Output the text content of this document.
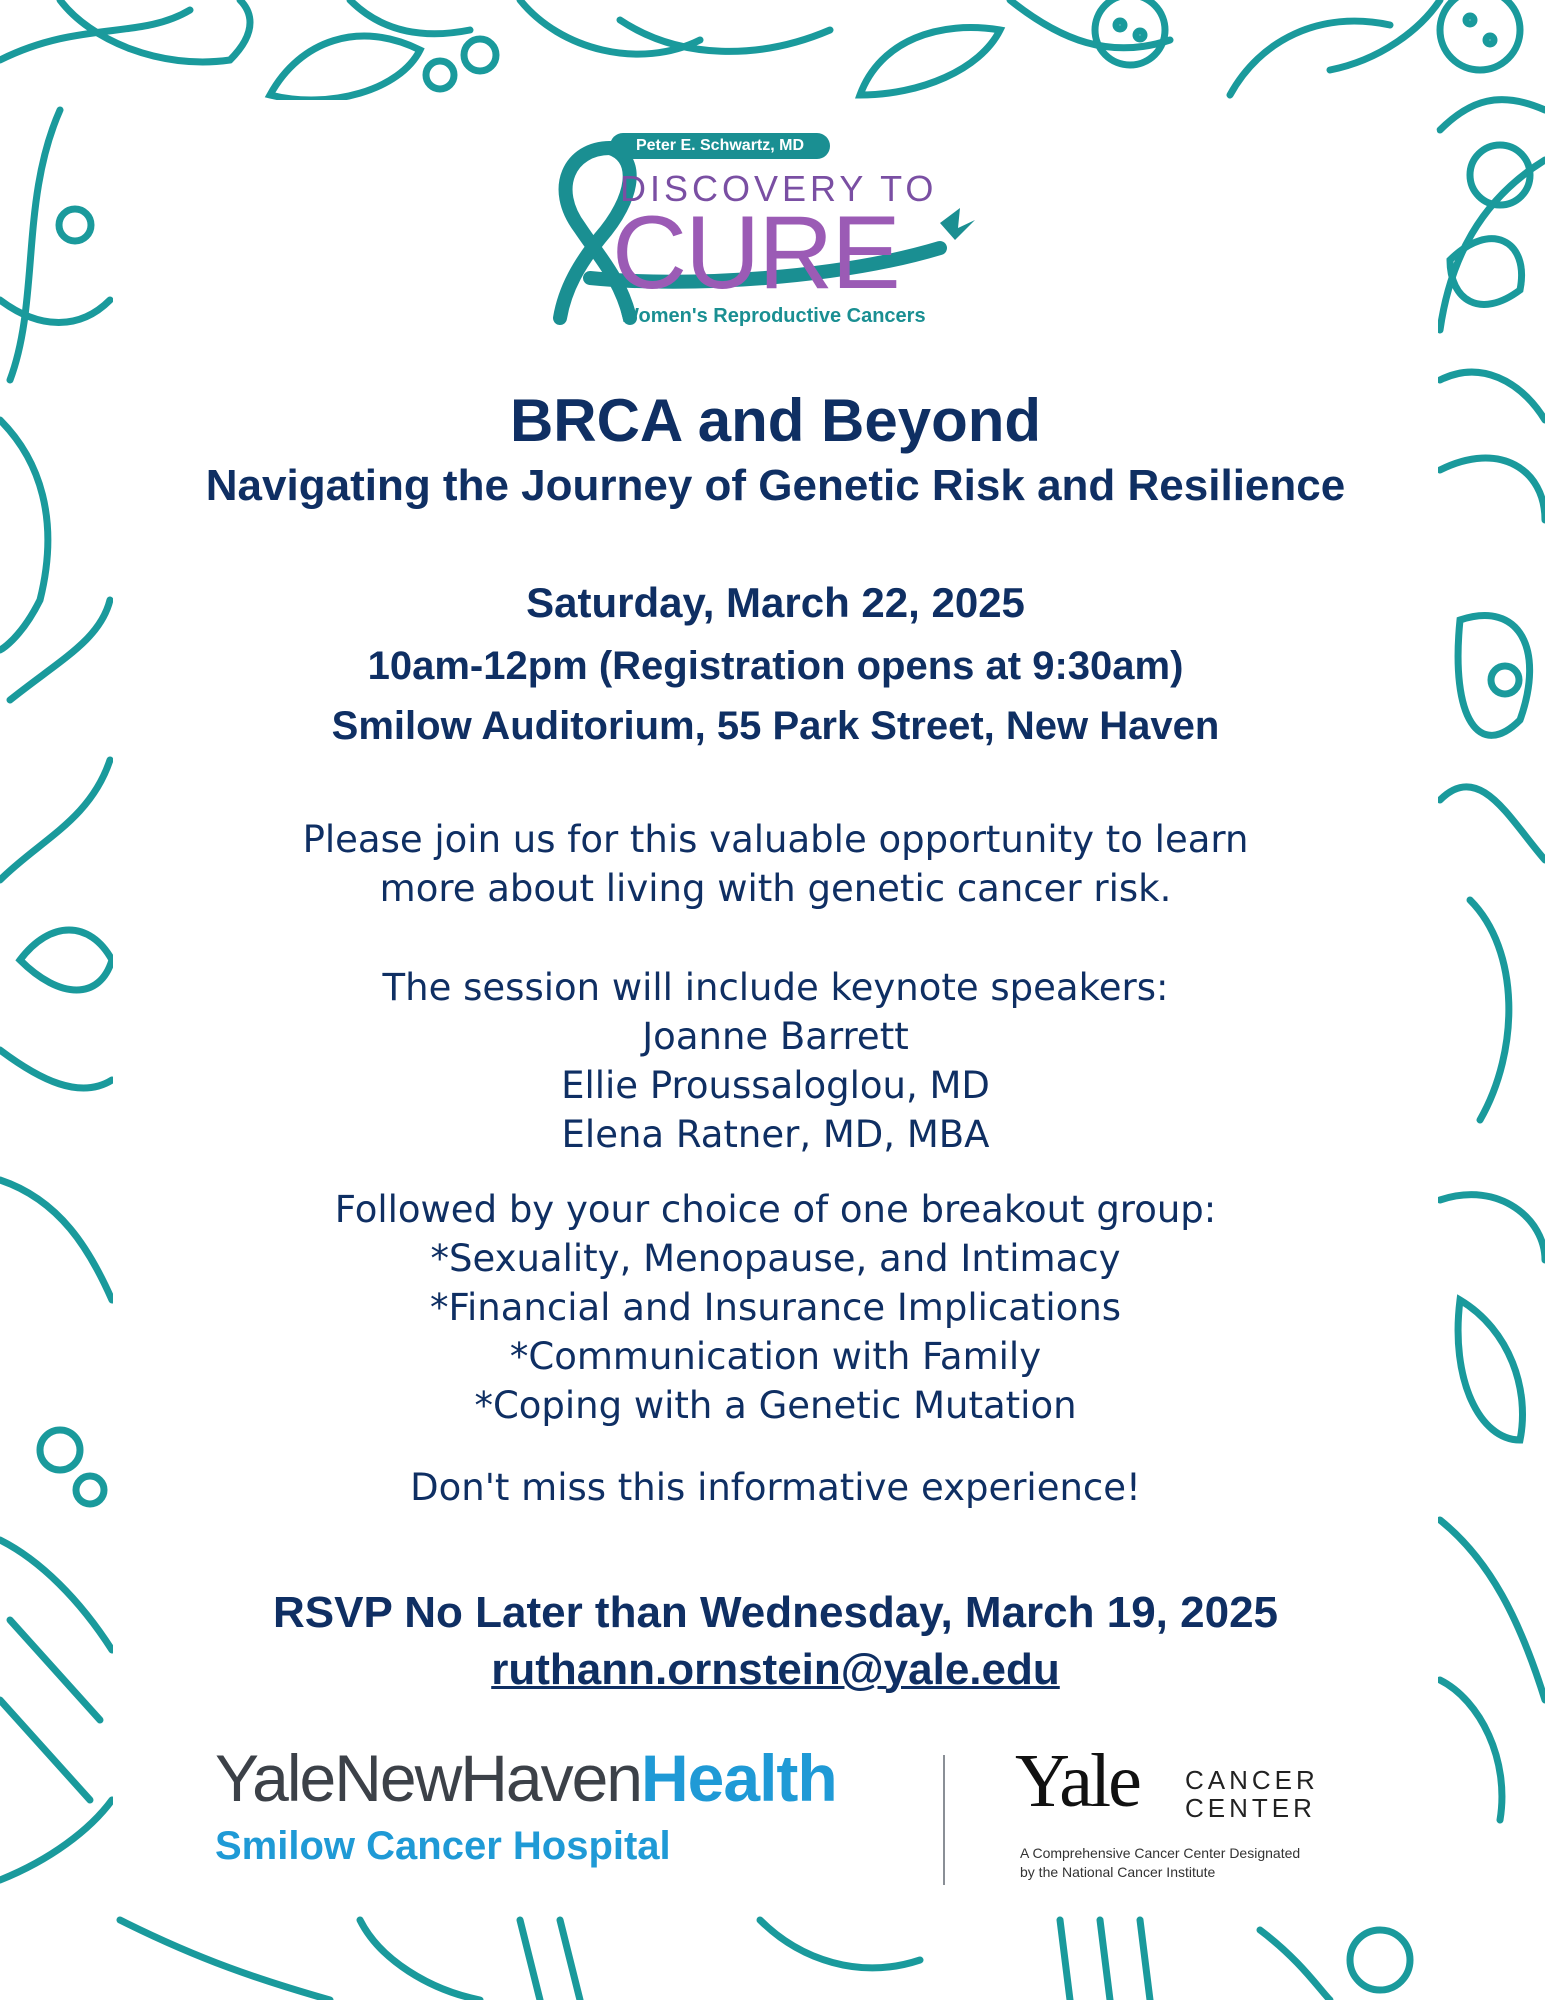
Peter E. Schwartz, MD
DISCOVERY TO
CURE
Women's Reproductive Cancers
BRCA and Beyond
Navigating the Journey of Genetic Risk and Resilience
Saturday, March 22, 2025
10am-12pm (Registration opens at 9:30am)
Smilow Auditorium, 55 Park Street, New Haven
Please join us for this valuable opportunity to learn
more about living with genetic cancer risk.
The session will include keynote speakers:
Joanne Barrett
Ellie Proussaloglou, MD
Elena Ratner, MD, MBA
Followed by your choice of one breakout group:
*Sexuality, Menopause, and Intimacy
*Financial and Insurance Implications
*Communication with Family
*Coping with a Genetic Mutation
Don't miss this informative experience!
RSVP No Later than Wednesday, March 19, 2025
ruthann.ornstein@yale.edu
YaleNewHavenHealth
Smilow Cancer Hospital
Yale CANCER
CENTER
A Comprehensive Cancer Center Designated
by the National Cancer Institute
